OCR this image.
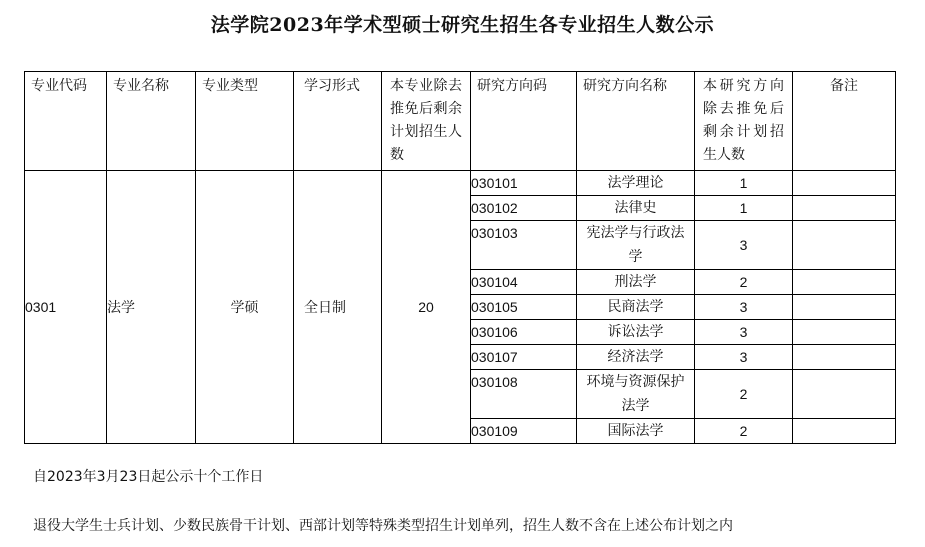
法学院2023年学术型硕士研究生招生各专业招生人数公示
专业代码	专业名称	专业类型	学习形式	本专业除去推免后剩余计划招生人数	研究方向码	研究方向名称	本研究方向除去推免后剩余计划招生人数	备注
0301	法学	学硕	全日制	20	030101	法学理论	1	
					030102	法律史	1	
					030103	宪法学与行政法学	3	
					030104	刑法学	2	
					030105	民商法学	3	
					030106	诉讼法学	3	
					030107	经济法学	3	
					030108	环境与资源保护法学	2	
					030109	国际法学	2	
自2023年3月23日起公示十个工作日
退役大学生士兵计划、少数民族骨干计划、西部计划等特殊类型招生计划单列，招生人数不含在上述公布计划之内
